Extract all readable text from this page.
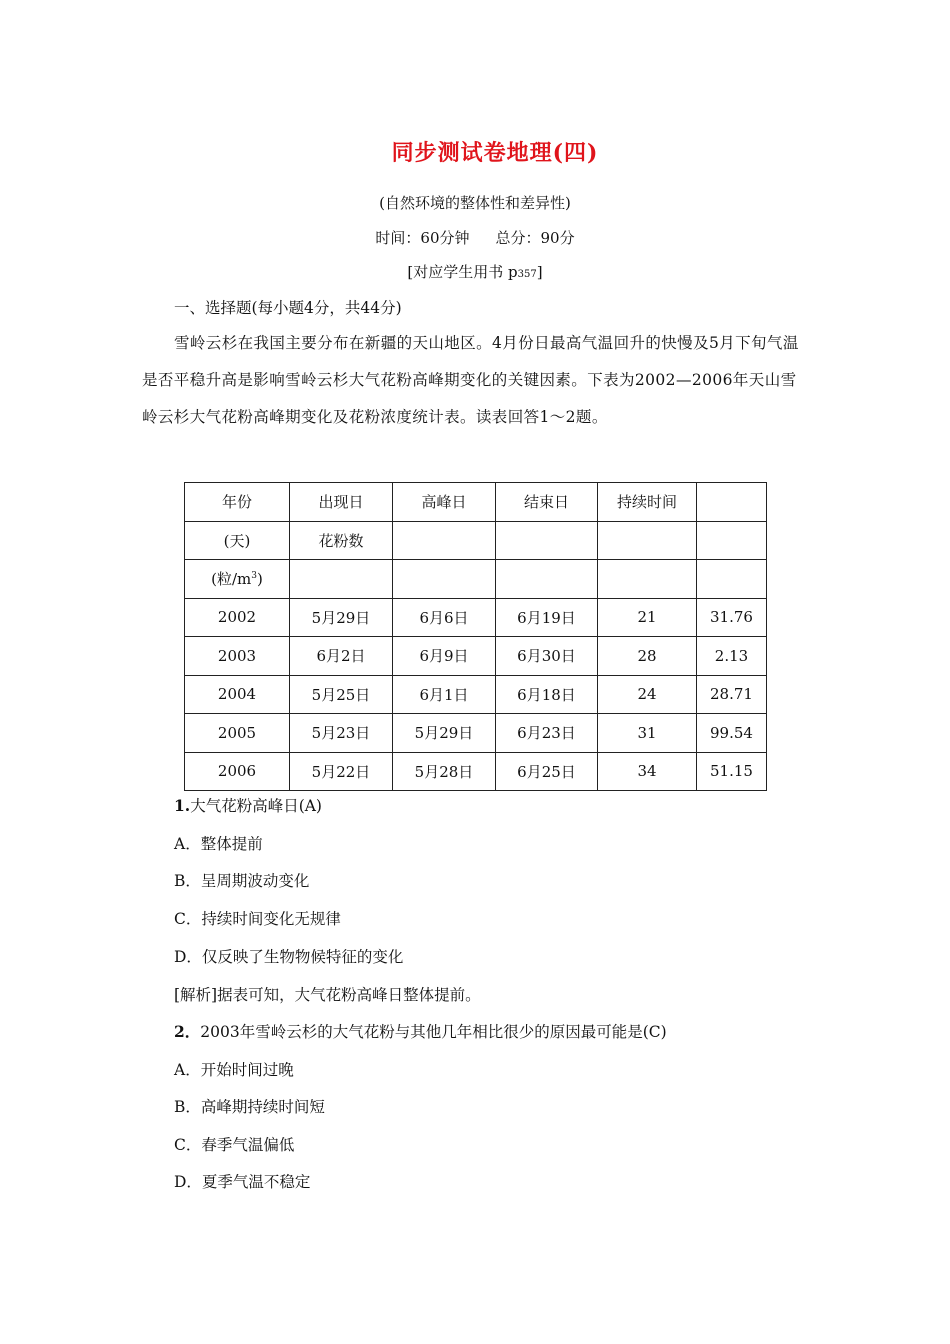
同步测试卷地理(四)
(自然环境的整体性和差异性)
时间：60分钟 总分：90分
[对应学生用书 p357]
一、选择题(每小题4分，共44分)
雪岭云杉在我国主要分布在新疆的天山地区。4月份日最高气温回升的快慢及5月下旬气温是否平稳升高是影响雪岭云杉大气花粉高峰期变化的关键因素。下表为2002—2006年天山雪岭云杉大气花粉高峰期变化及花粉浓度统计表。读表回答1～2题。
年份	出现日	高峰日	结束日	持续时间	
(天)	花粉数				
(粒$/m^3$)					
2002	5月29日	6月6日	6月19日	21	31.76
2003	6月2日	6月9日	6月30日	28	2.13
2004	5月25日	6月1日	6月18日	24	28.71
2005	5月23日	5月29日	6月23日	31	99.54
2006	5月22日	5月28日	6月25日	34	51.15
1.大气花粉高峰日(A)
A．整体提前
B．呈周期波动变化
C．持续时间变化无规律
D．仅反映了生物物候特征的变化
[解析]据表可知，大气花粉高峰日整体提前。
2．2003年雪岭云杉的大气花粉与其他几年相比很少的原因最可能是(C)
A．开始时间过晚
B．高峰期持续时间短
C．春季气温偏低
D．夏季气温不稳定
